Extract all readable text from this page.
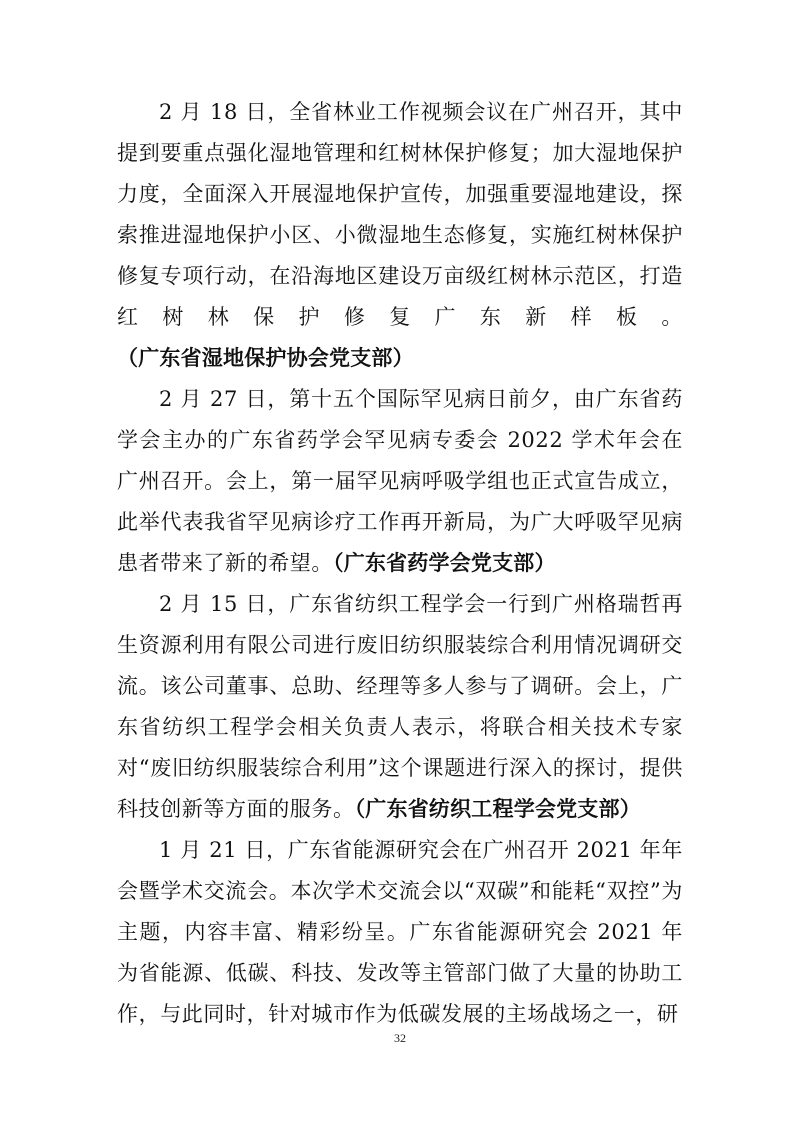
2 月 18 日，全省林业工作视频会议在广州召开，其中提到要重点强化湿地管理和红树林保护修复；加大湿地保护力度，全面深入开展湿地保护宣传，加强重要湿地建设，探索推进湿地保护小区、小微湿地生态修复，实施红树林保护修复专项行动，在沿海地区建设万亩级红树林示范区，打造红树林保护修复广东新样板。（广东省湿地保护协会党支部）

2 月 27 日，第十五个国际罕见病日前夕，由广东省药学会主办的广东省药学会罕见病专委会 2022 学术年会在广州召开。会上，第一届罕见病呼吸学组也正式宣告成立，此举代表我省罕见病诊疗工作再开新局，为广大呼吸罕见病患者带来了新的希望。（广东省药学会党支部）

2 月 15 日，广东省纺织工程学会一行到广州格瑞哲再生资源利用有限公司进行废旧纺织服装综合利用情况调研交流。该公司董事、总助、经理等多人参与了调研。会上，广东省纺织工程学会相关负责人表示，将联合相关技术专家对“废旧纺织服装综合利用”这个课题进行深入的探讨，提供科技创新等方面的服务。（广东省纺织工程学会党支部）

1 月 21 日，广东省能源研究会在广州召开 2021 年年会暨学术交流会。本次学术交流会以“双碳”和能耗“双控”为主题，内容丰富、精彩纷呈。广东省能源研究会 2021 年为省能源、低碳、科技、发改等主管部门做了大量的协助工作，与此同时，针对城市作为低碳发展的主场战场之一，研

32
